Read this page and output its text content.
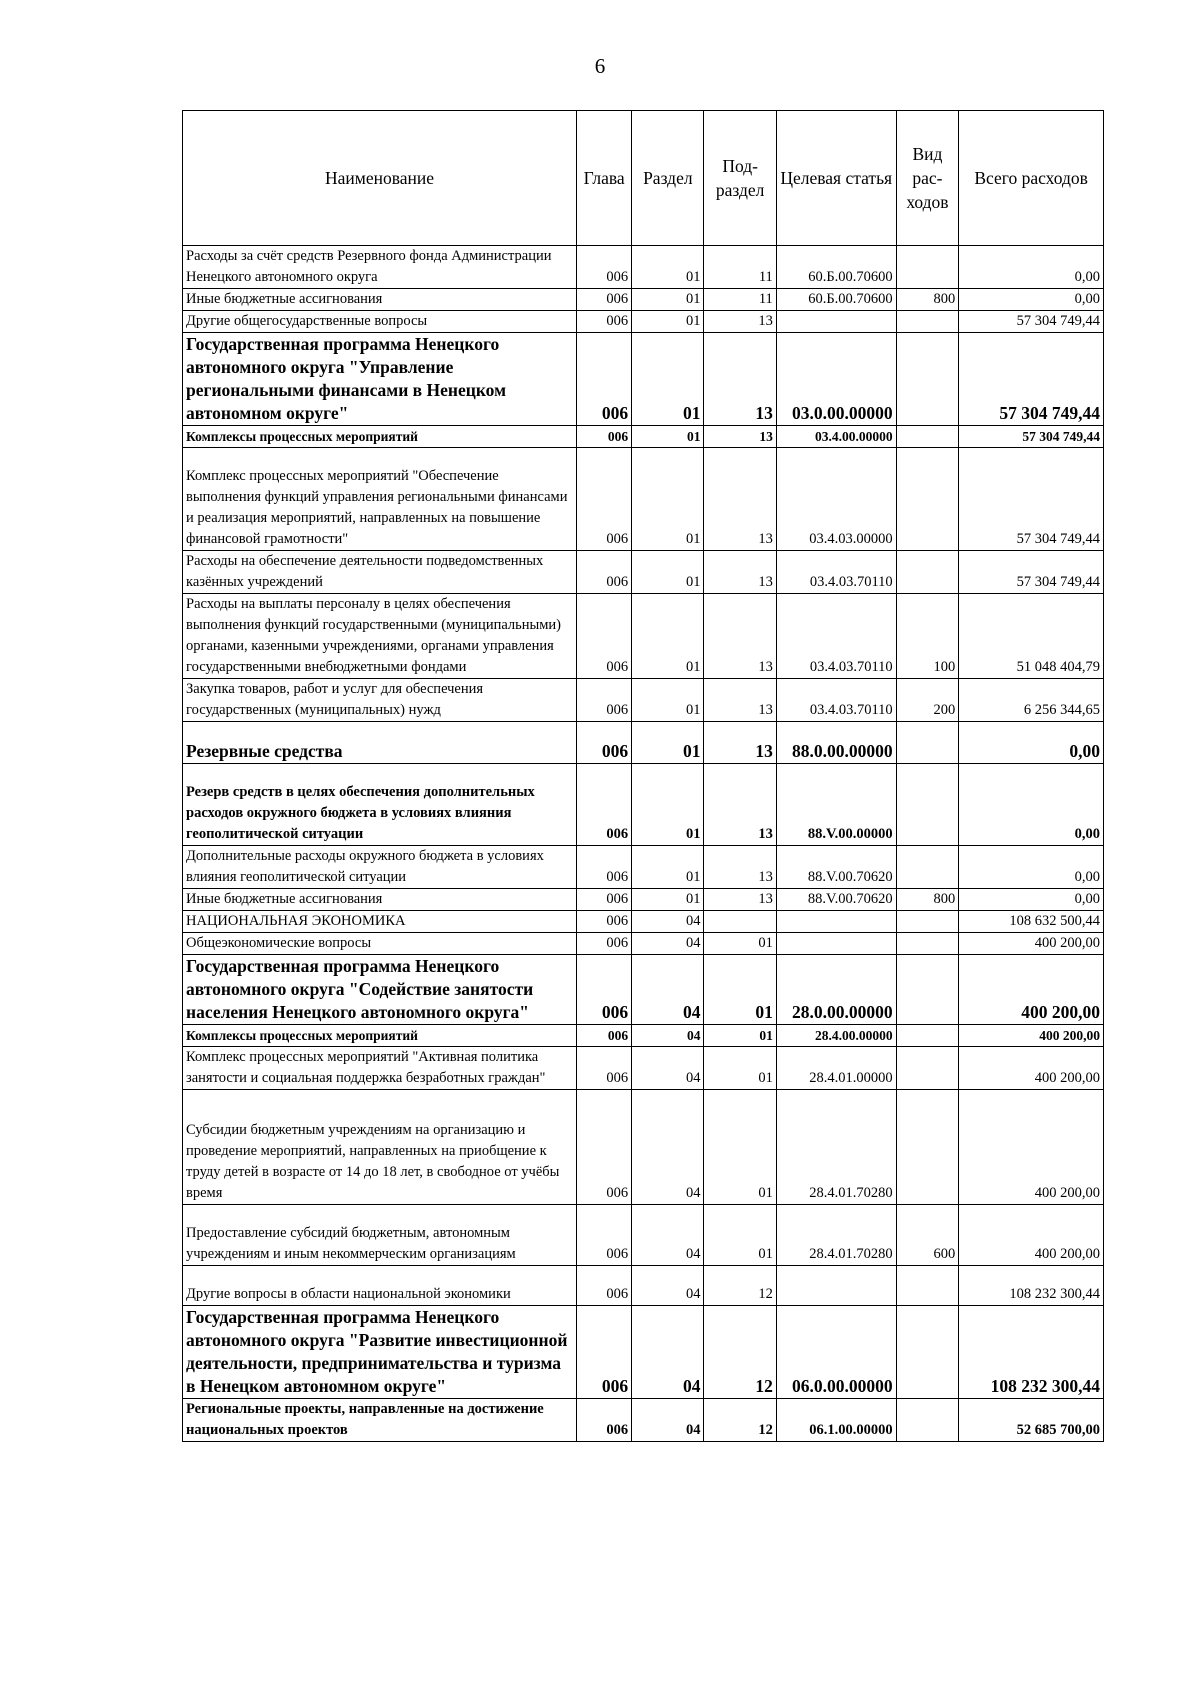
6
Наименование	Глава	Раздел	Под-раздел	Целевая статья	Вид рас-ходов	Всего расходов
Расходы за счёт средств Резервного фонда Администрации Ненецкого автономного округа	006	01	11	60.Б.00.70600		0,00
Иные бюджетные ассигнования	006	01	11	60.Б.00.70600	800	0,00
Другие общегосударственные вопросы	006	01	13			57 304 749,44
Государственная программа Ненецкого автономного округа "Управление региональными финансами в Ненецком автономном округе"	006	01	13	03.0.00.00000		57 304 749,44
Комплексы процессных мероприятий	006	01	13	03.4.00.00000		57 304 749,44
Комплекс процессных мероприятий "Обеспечение выполнения функций управления региональными финансами и реализация мероприятий, направленных на повышение финансовой грамотности"	006	01	13	03.4.03.00000		57 304 749,44
Расходы на обеспечение деятельности подведомственных казённых учреждений	006	01	13	03.4.03.70110		57 304 749,44
Расходы на выплаты персоналу в целях обеспечения выполнения функций государственными (муниципальными) органами, казенными учреждениями, органами управления государственными внебюджетными фондами	006	01	13	03.4.03.70110	100	51 048 404,79
Закупка товаров, работ и услуг для обеспечения государственных (муниципальных) нужд	006	01	13	03.4.03.70110	200	6 256 344,65
Резервные средства	006	01	13	88.0.00.00000		0,00
Резерв средств в целях обеспечения дополнительных расходов окружного бюджета в условиях влияния геополитической ситуации	006	01	13	88.V.00.00000		0,00
Дополнительные расходы окружного бюджета в условиях влияния геополитической ситуации	006	01	13	88.V.00.70620		0,00
Иные бюджетные ассигнования	006	01	13	88.V.00.70620	800	0,00
НАЦИОНАЛЬНАЯ ЭКОНОМИКА	006	04				108 632 500,44
Общеэкономические вопросы	006	04	01			400 200,00
Государственная программа Ненецкого автономного округа "Содействие занятости населения Ненецкого автономного округа"	006	04	01	28.0.00.00000		400 200,00
Комплексы процессных мероприятий	006	04	01	28.4.00.00000		400 200,00
Комплекс процессных мероприятий "Активная политика занятости и социальная поддержка безработных граждан"	006	04	01	28.4.01.00000		400 200,00
Субсидии бюджетным учреждениям на организацию и проведение мероприятий, направленных на приобщение к труду детей в возрасте от 14 до 18 лет, в свободное от учёбы время	006	04	01	28.4.01.70280		400 200,00
Предоставление субсидий бюджетным, автономным учреждениям и иным некоммерческим организациям	006	04	01	28.4.01.70280	600	400 200,00
Другие вопросы в области национальной экономики	006	04	12			108 232 300,44
Государственная программа Ненецкого автономного округа "Развитие инвестиционной деятельности, предпринимательства и туризма в Ненецком автономном округе"	006	04	12	06.0.00.00000		108 232 300,44
Региональные проекты, направленные на достижение национальных проектов	006	04	12	06.1.00.00000		52 685 700,00
